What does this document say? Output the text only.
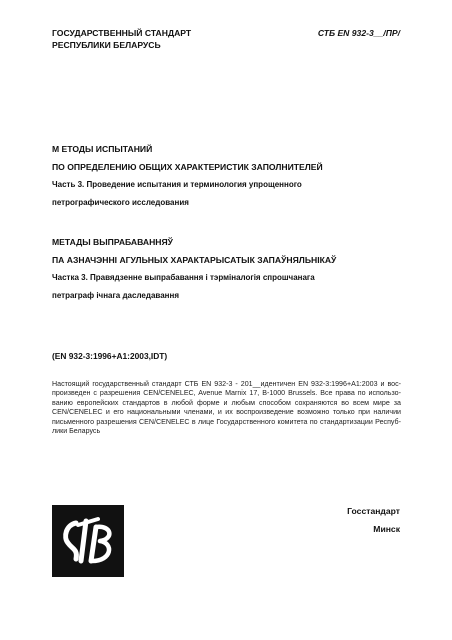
ГОСУДАРСТВЕННЫЙ СТАНДАРТ
РЕСПУБЛИКИ БЕЛАРУСЬ
СТБ EN 932-3__/ПР/
М ЕТОДЫ ИСПЫТАНИЙ
ПО ОПРЕДЕЛЕНИЮ ОБЩИХ ХАРАКТЕРИСТИК ЗАПОЛНИТЕЛЕЙ
Часть 3. Проведение испытания и терминология упрощенного
петрографического исследования
МЕТАДЫ ВЫПРАБАВАННЯЎ
ПА АЗНАЧЭННІ АГУЛЬНЫХ ХАРАКТАРЫСАТЫК ЗАПАЎНЯЛЬНІКАЎ
Частка 3. Правядзенне выпрабавання і тэрміналогія спрошчанага
петраграф ічнага даследавання
(EN 932-3:1996+A1:2003,IDT)
Настоящий государственный стандарт СТБ EN 932-3 - 201__идентичен EN 932-3:1996+A1:2003 и вос-
произведен с разрешения CEN/CENELEC, Avenue Marnix 17, B-1000 Brussels. Все права по использо-
ванию европейских стандартов в любой форме и любым способом сохраняются во всем мире за
CEN/CENELEC и его национальными членами, и их воспроизведение возможно только при наличии
письменного разрешения CEN/CENELEC в лице Государственного комитета по стандартизации Респуб-
лики Беларусь
Госстандарт
Минск
